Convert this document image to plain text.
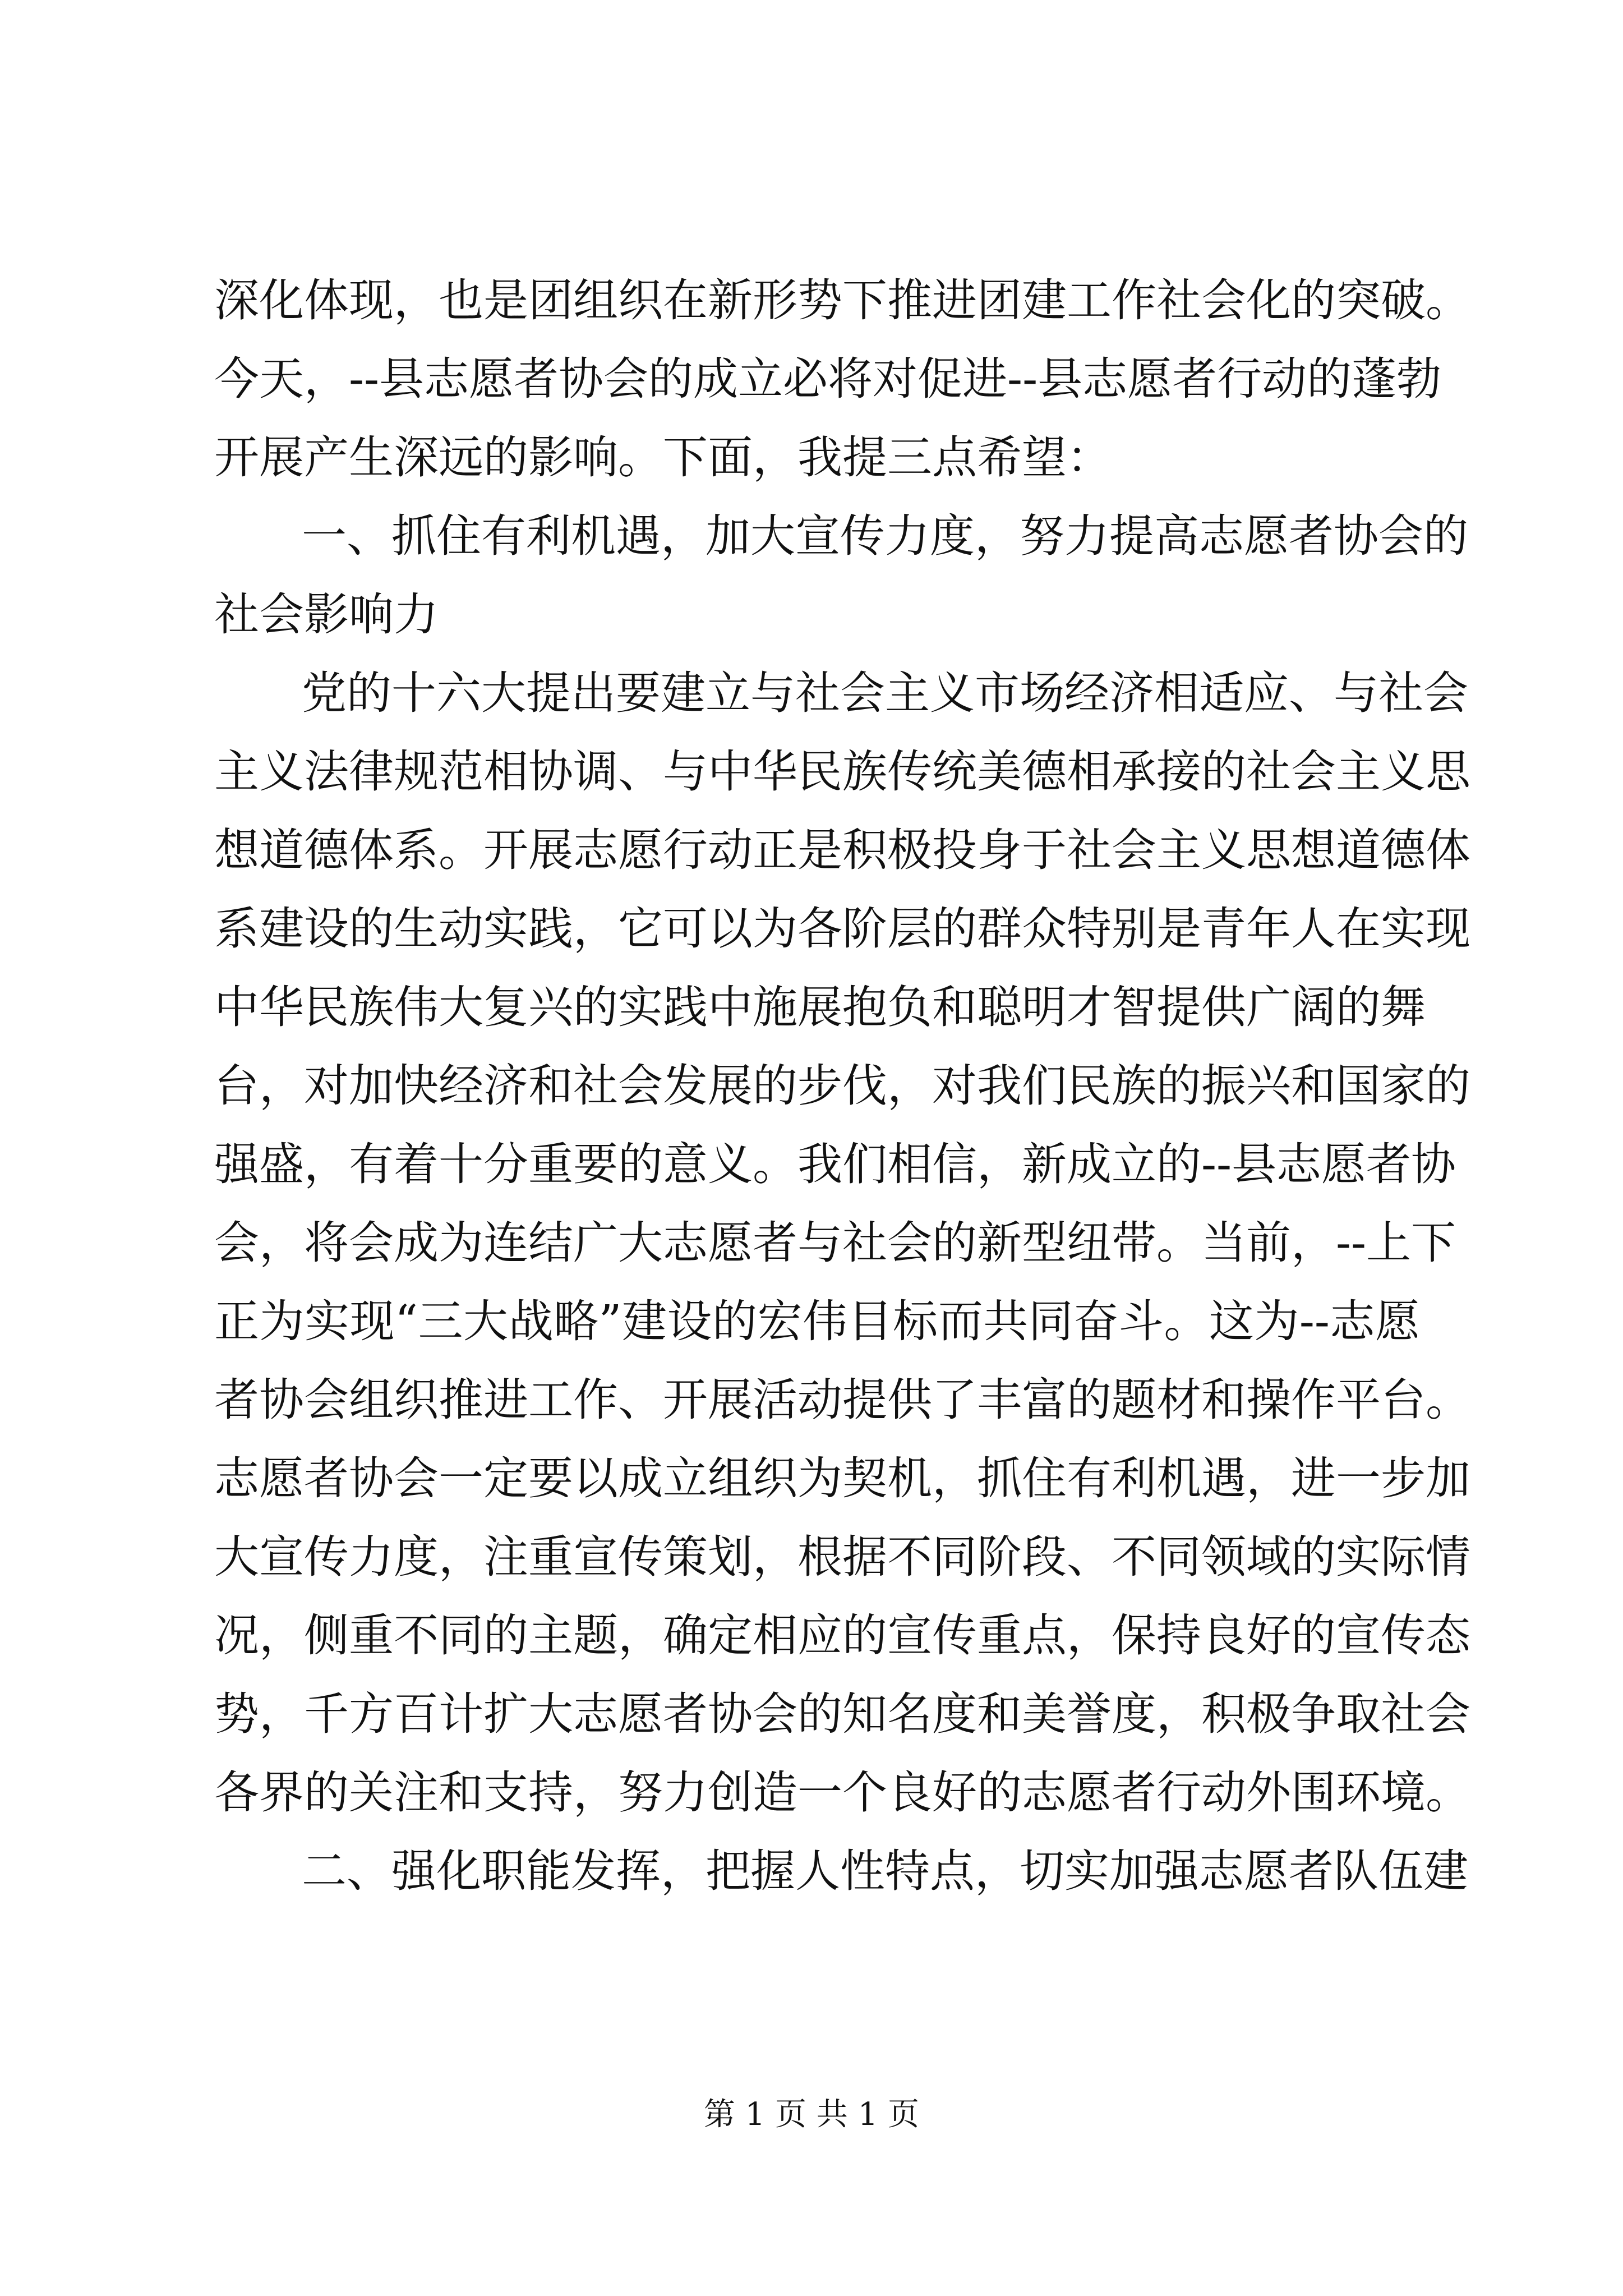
深化体现，也是团组织在新形势下推进团建工作社会化的突破。
今天，--县志愿者协会的成立必将对促进--县志愿者行动的蓬勃
开展产生深远的影响。下面，我提三点希望：
一、抓住有利机遇，加大宣传力度，努力提高志愿者协会的
社会影响力
党的十六大提出要建立与社会主义市场经济相适应、与社会
主义法律规范相协调、与中华民族传统美德相承接的社会主义思
想道德体系。开展志愿行动正是积极投身于社会主义思想道德体
系建设的生动实践，它可以为各阶层的群众特别是青年人在实现
中华民族伟大复兴的实践中施展抱负和聪明才智提供广阔的舞
台，对加快经济和社会发展的步伐，对我们民族的振兴和国家的
强盛，有着十分重要的意义。我们相信，新成立的--县志愿者协
会，将会成为连结广大志愿者与社会的新型纽带。当前，--上下
正为实现“三大战略”建设的宏伟目标而共同奋斗。这为--志愿
者协会组织推进工作、开展活动提供了丰富的题材和操作平台。
志愿者协会一定要以成立组织为契机，抓住有利机遇，进一步加
大宣传力度，注重宣传策划，根据不同阶段、不同领域的实际情
况，侧重不同的主题，确定相应的宣传重点，保持良好的宣传态
势，千方百计扩大志愿者协会的知名度和美誉度，积极争取社会
各界的关注和支持，努力创造一个良好的志愿者行动外围环境。
二、强化职能发挥，把握人性特点，切实加强志愿者队伍建
第 1 页 共 1 页
